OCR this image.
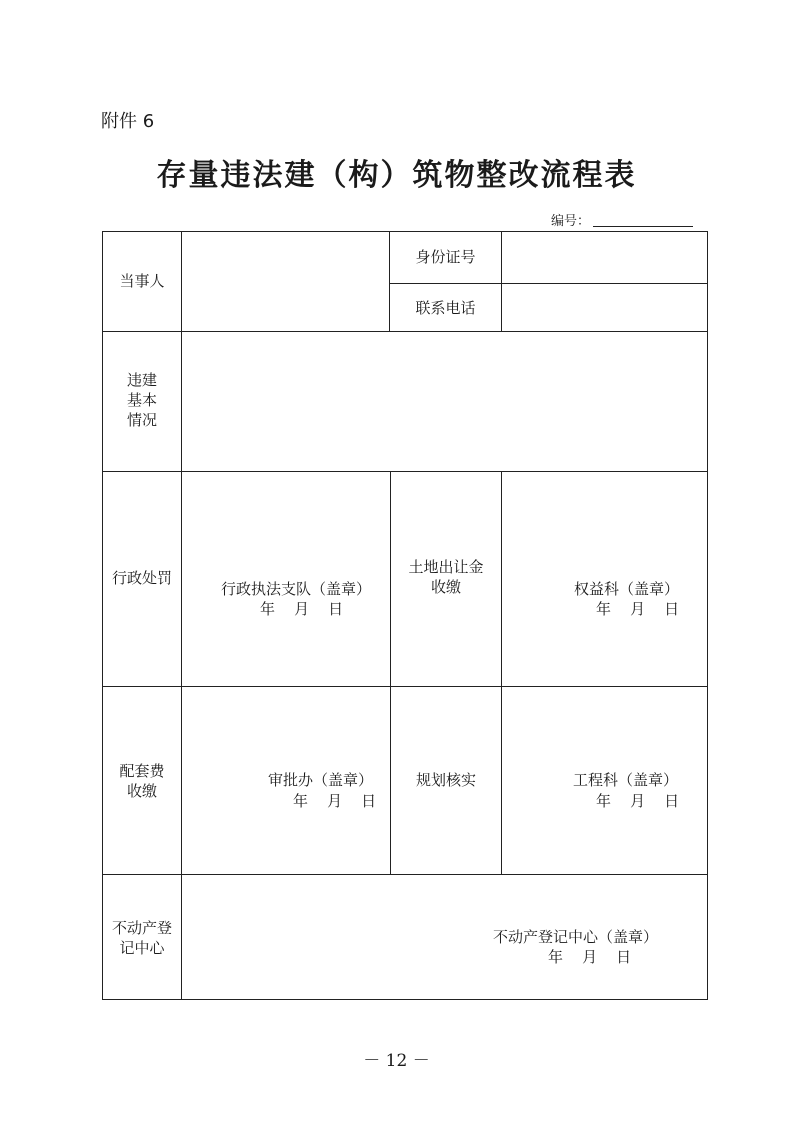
附件 6
存量违法建（构）筑物整改流程表
编号：
当事人
身份证号
联系电话
违建
基本
情况
行政处罚
行政执法支队（盖章）
年    月    日
土地出让金
收缴	权益科（盖章）
年    月    日
配套费
收缴
审批办（盖章）
年    月    日
规划核实	工程科（盖章）
年    月    日
不动产登
记中心
不动产登记中心（盖章）
年    月    日
－ 12 －
